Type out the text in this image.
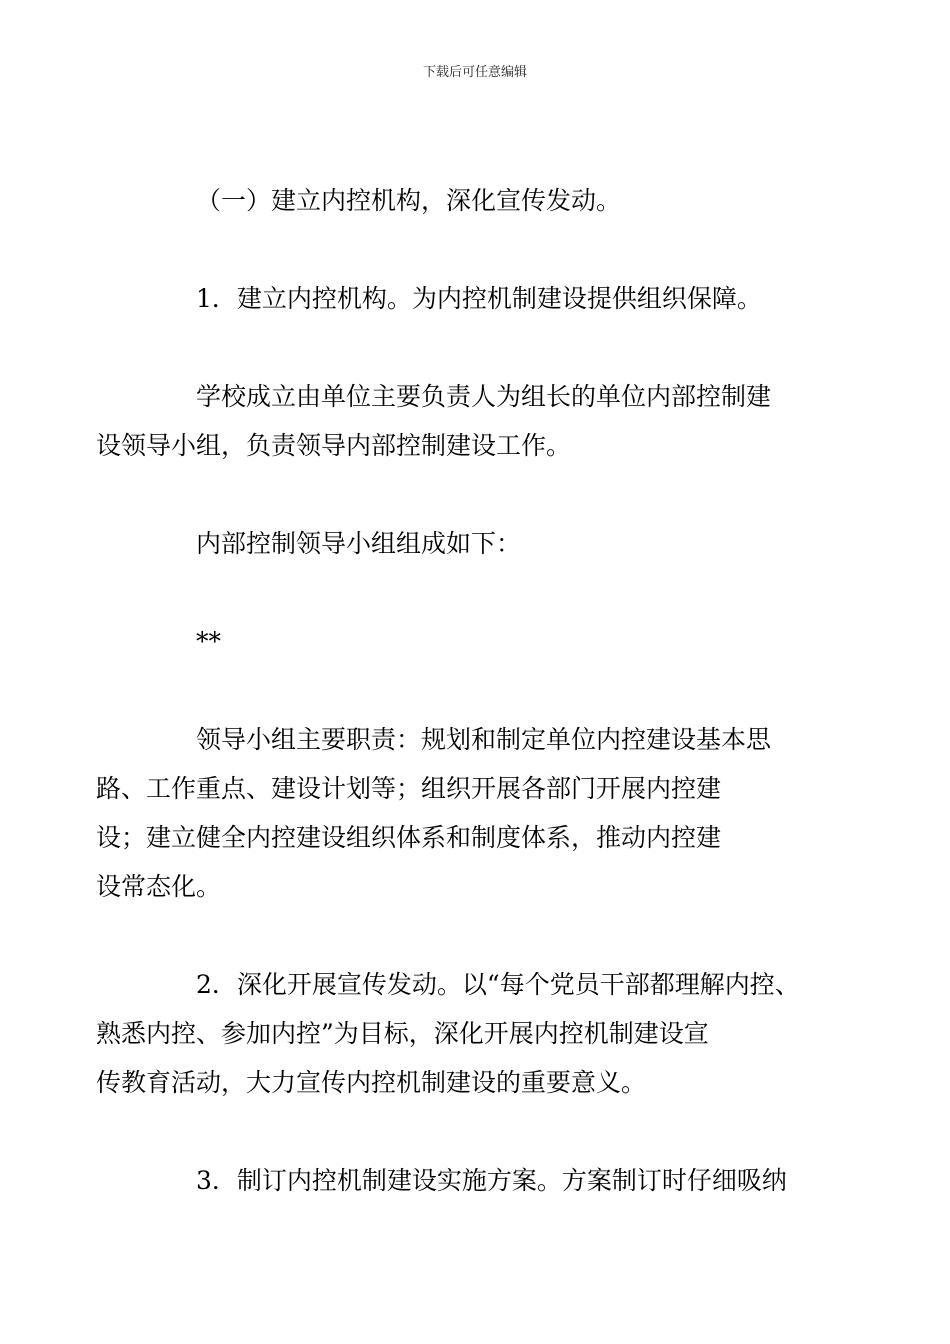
下载后可任意编辑

（一）建立内控机构，深化宣传发动。

1．建立内控机构。为内控机制建设提供组织保障。

学校成立由单位主要负责人为组长的单位内部控制建
设领导小组，负责领导内部控制建设工作。

内部控制领导小组组成如下：

**

领导小组主要职责：规划和制定单位内控建设基本思
路、工作重点、建设计划等；组织开展各部门开展内控建
设；建立健全内控建设组织体系和制度体系，推动内控建
设常态化。

2．深化开展宣传发动。以“每个党员干部都理解内控、
熟悉内控、参加内控”为目标，深化开展内控机制建设宣
传教育活动，大力宣传内控机制建设的重要意义。

3．制订内控机制建设实施方案。方案制订时仔细吸纳
